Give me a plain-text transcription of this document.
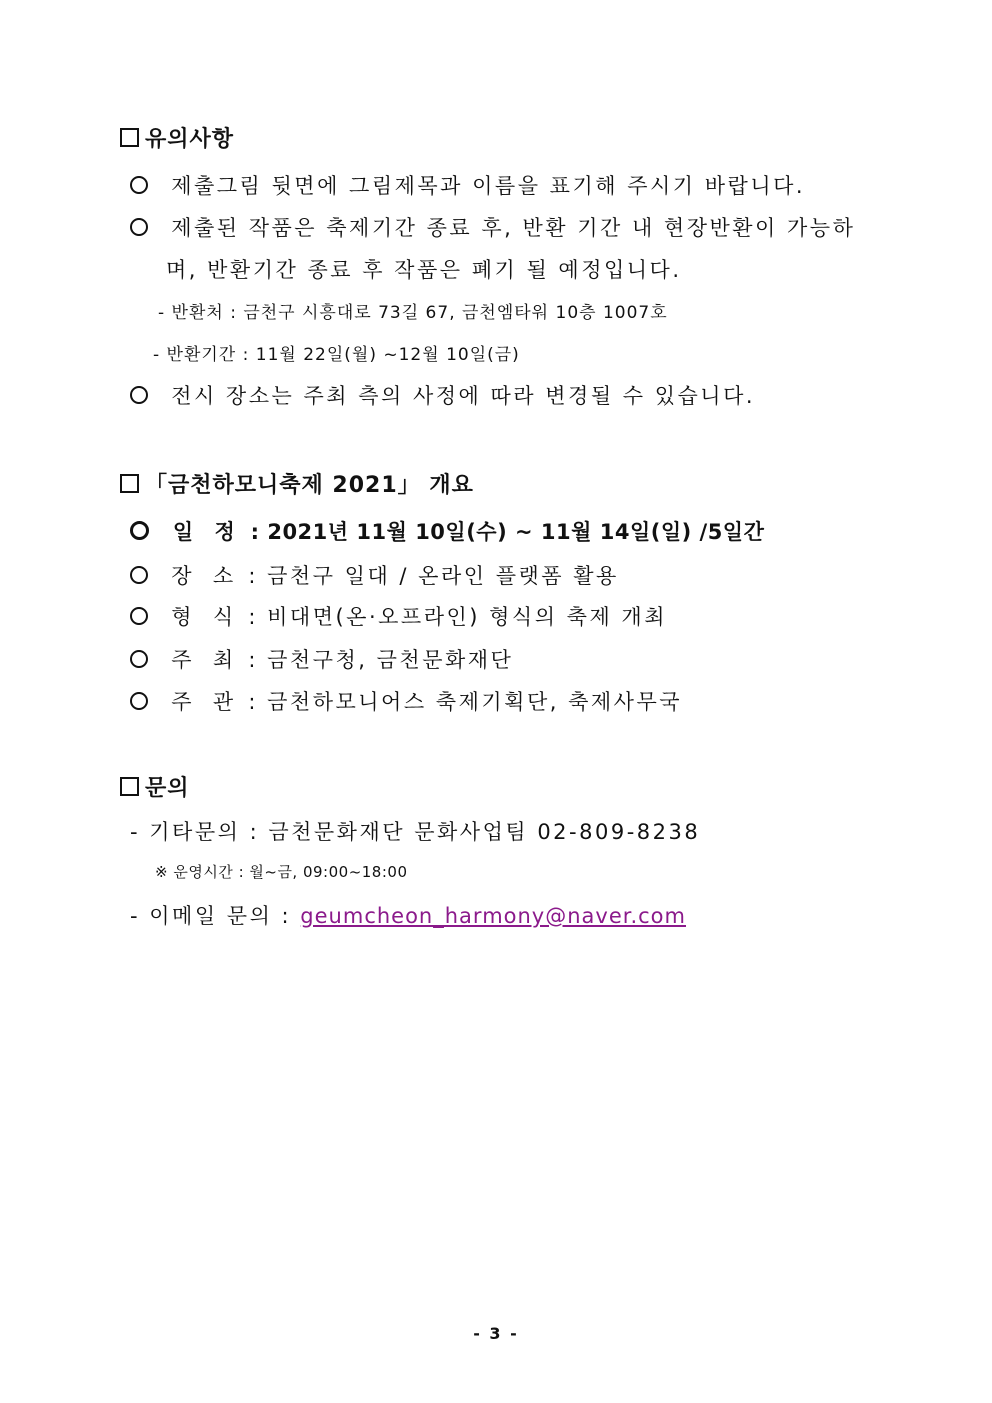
유의사항
제출그림 뒷면에 그림제목과 이름을 표기해 주시기 바랍니다.
제출된 작품은 축제기간 종료 후, 반환 기간 내 현장반환이 가능하
며, 반환기간 종료 후 작품은 폐기 될 예정입니다.
- 반환처 : 금천구 시흥대로 73길 67, 금천엠타워 10층 1007호
- 반환기간 : 11월 22일(월) ~12월 10일(금)
전시 장소는 주최 측의 사정에 따라 변경될 수 있습니다.
「금천하모니축제 2021」 개요

일 정 : 2021년 11월 10일(수) ~ 11월 14일(일) /5일간

장 소 : 금천구 일대 / 온라인 플랫폼 활용

형 식 : 비대면(온·오프라인) 형식의 축제 개최

주 최 : 금천구청, 금천문화재단

주 관 : 금천하모니어스 축제기획단, 축제사무국
문의
- 기타문의 : 금천문화재단 문화사업팀 02-809-8238
※ 운영시간 : 월~금, 09:00~18:00
- 이메일 문의 : geumcheon_harmony@naver.com
- 3 -
